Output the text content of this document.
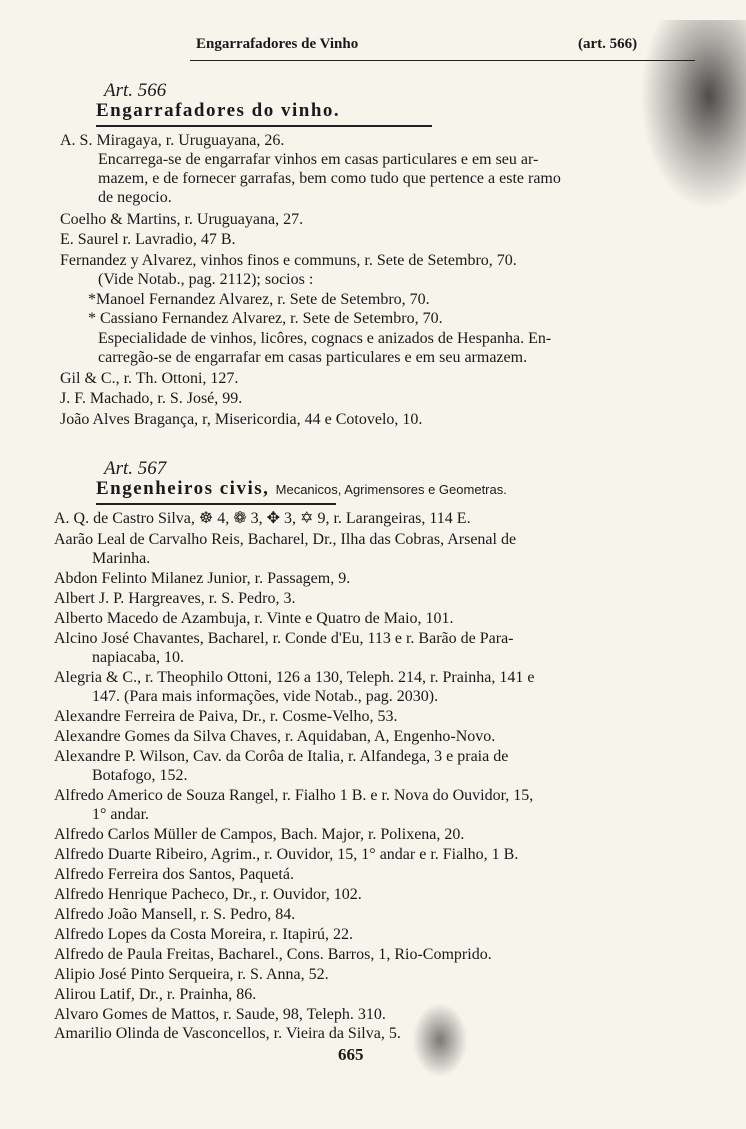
Engarrafadores de Vinho	(art. 566)
Art. 566
Engarrafadores do vinho.
A. S. Miragaya, r. Uruguayana, 26.
Encarrega-se de engarrafar vinhos em casas particulares e em seu ar-
mazem, e de fornecer garrafas, bem como tudo que pertence a este ramo
de negocio.
Coelho & Martins, r. Uruguayana, 27.
E. Saurel r. Lavradio, 47 B.
Fernandez y Alvarez, vinhos finos e communs, r. Sete de Setembro, 70.
(Vide Notab., pag. 2112); socios :
*Manoel Fernandez Alvarez, r. Sete de Setembro, 70.
* Cassiano Fernandez Alvarez, r. Sete de Setembro, 70.
Especialidade de vinhos, licôres, cognacs e anizados de Hespanha. En-
carregão-se de engarrafar em casas particulares e em seu armazem.
Gil & C., r. Th. Ottoni, 127.
J. F. Machado, r. S. José, 99.
João Alves Bragança, r, Misericordia, 44 e Cotovelo, 10.
Art. 567
Engenheiros civis, Mecanicos, Agrimensores e Geometras.
A. Q. de Castro Silva, ☸ 4, ❁ 3, ✥ 3, ✡ 9, r. Larangeiras, 114 E.
Aarão Leal de Carvalho Reis, Bacharel, Dr., Ilha das Cobras, Arsenal de
Marinha.
Abdon Felinto Milanez Junior, r. Passagem, 9.
Albert J. P. Hargreaves, r. S. Pedro, 3.
Alberto Macedo de Azambuja, r. Vinte e Quatro de Maio, 101.
Alcino José Chavantes, Bacharel, r. Conde d'Eu, 113 e r. Barão de Para-
napiacaba, 10.
Alegria & C., r. Theophilo Ottoni, 126 a 130, Teleph. 214, r. Prainha, 141 e
147. (Para mais informações, vide Notab., pag. 2030).
Alexandre Ferreira de Paiva, Dr., r. Cosme-Velho, 53.
Alexandre Gomes da Silva Chaves, r. Aquidaban, A, Engenho-Novo.
Alexandre P. Wilson, Cav. da Corôa de Italia, r. Alfandega, 3 e praia de
Botafogo, 152.
Alfredo Americo de Souza Rangel, r. Fialho 1 B. e r. Nova do Ouvidor, 15,
1° andar.
Alfredo Carlos Müller de Campos, Bach. Major, r. Polixena, 20.
Alfredo Duarte Ribeiro, Agrim., r. Ouvidor, 15, 1° andar e r. Fialho, 1 B.
Alfredo Ferreira dos Santos, Paquetá.
Alfredo Henrique Pacheco, Dr., r. Ouvidor, 102.
Alfredo João Mansell, r. S. Pedro, 84.
Alfredo Lopes da Costa Moreira, r. Itapirú, 22.
Alfredo de Paula Freitas, Bacharel., Cons. Barros, 1, Rio-Comprido.
Alipio José Pinto Serqueira, r. S. Anna, 52.
Alirou Latif, Dr., r. Prainha, 86.
Alvaro Gomes de Mattos, r. Saude, 98, Teleph. 310.
Amarilio Olinda de Vasconcellos, r. Vieira da Silva, 5.
665
